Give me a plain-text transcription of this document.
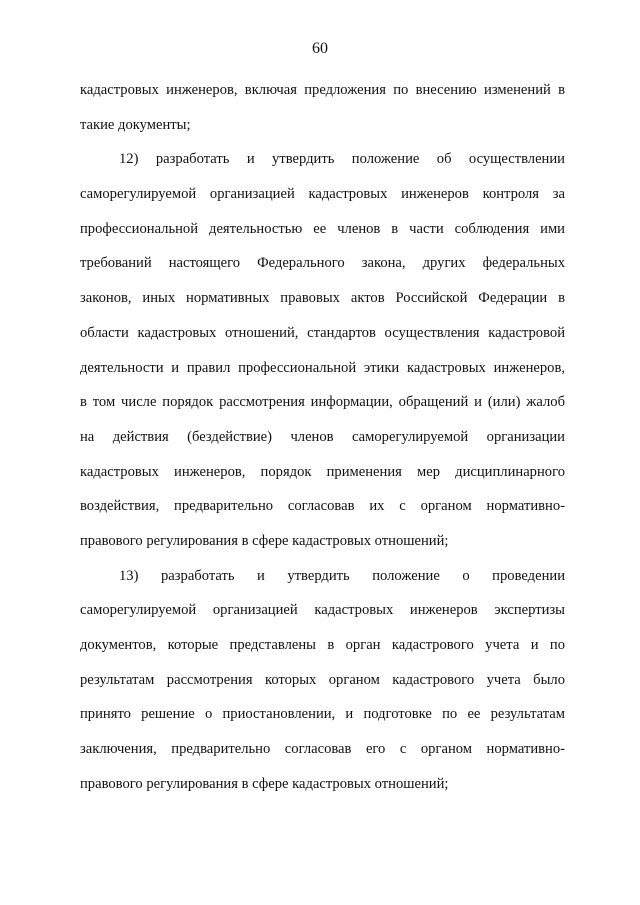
60
кадастровых инженеров, включая предложения по внесению изменений в
такие документы;
12) разработать и утвердить положение об осуществлении
саморегулируемой организацией кадастровых инженеров контроля за
профессиональной деятельностью ее членов в части соблюдения ими
требований настоящего Федерального закона, других федеральных
законов, иных нормативных правовых актов Российской Федерации в
области кадастровых отношений, стандартов осуществления кадастровой
деятельности и правил профессиональной этики кадастровых инженеров,
в том числе порядок рассмотрения информации, обращений и (или) жалоб
на действия (бездействие) членов саморегулируемой организации
кадастровых инженеров, порядок применения мер дисциплинарного
воздействия, предварительно согласовав их с органом нормативно-
правового регулирования в сфере кадастровых отношений;
13) разработать и утвердить положение о проведении
саморегулируемой организацией кадастровых инженеров экспертизы
документов, которые представлены в орган кадастрового учета и по
результатам рассмотрения которых органом кадастрового учета было
принято решение о приостановлении, и подготовке по ее результатам
заключения, предварительно согласовав его с органом нормативно-
правового регулирования в сфере кадастровых отношений;
